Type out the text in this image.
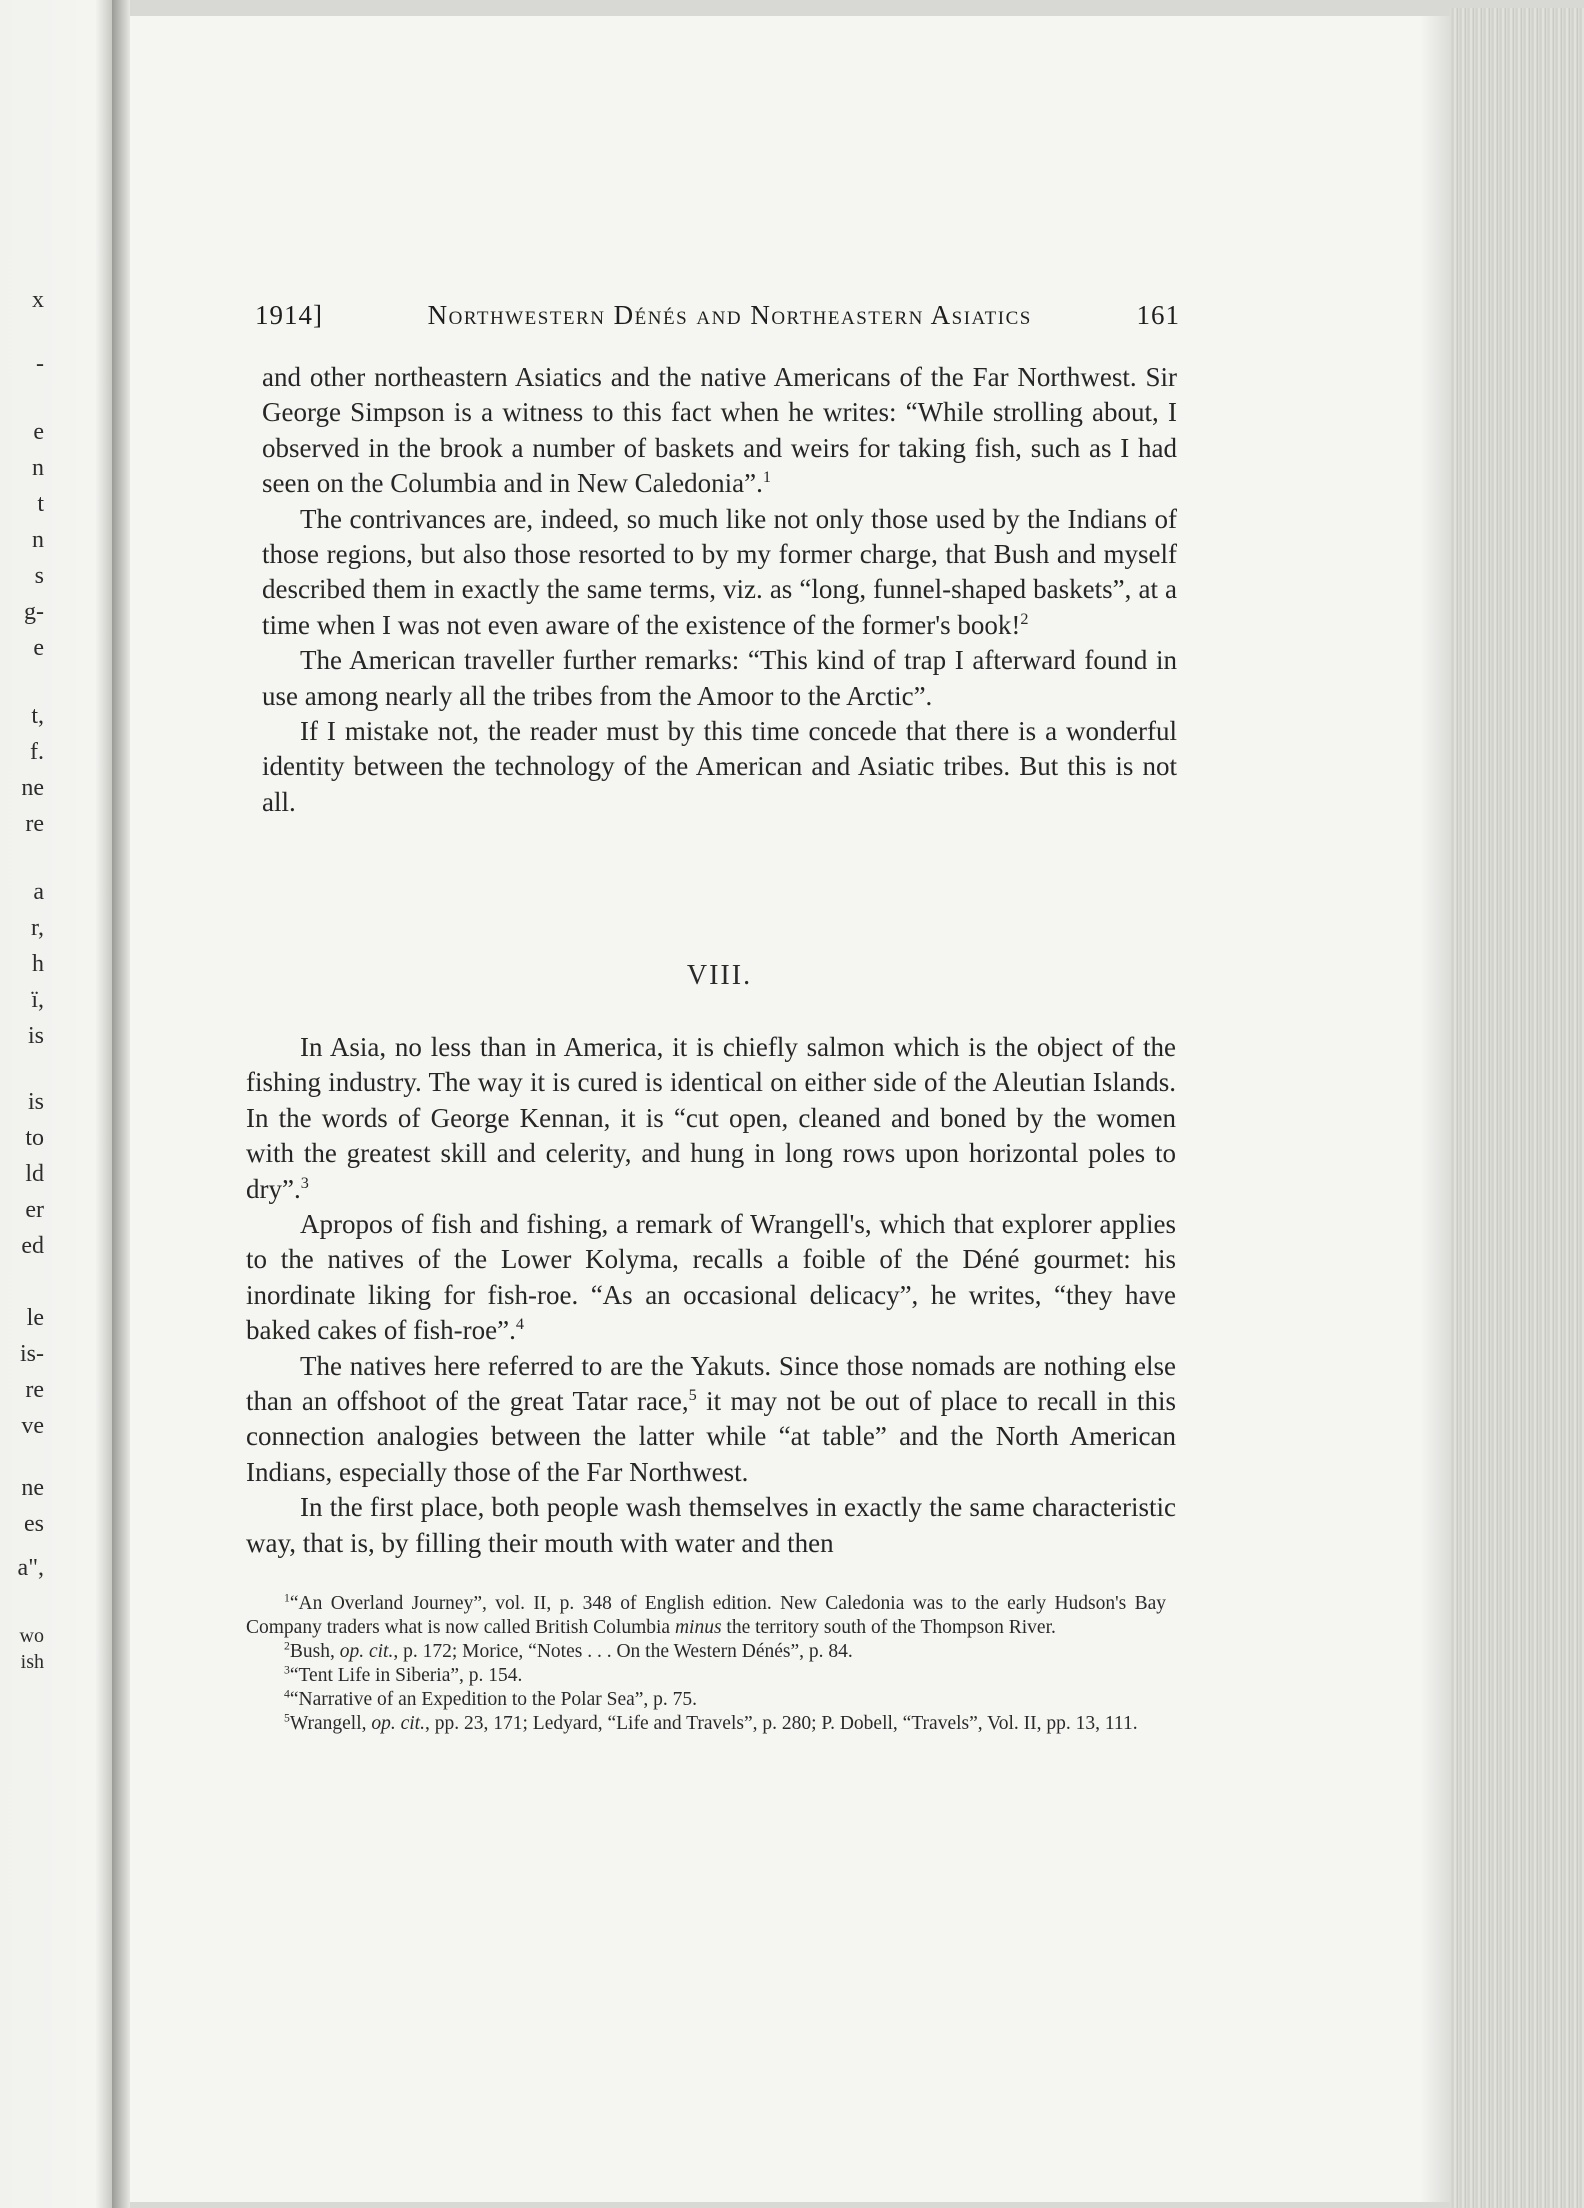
x
-
e
n
t
n
s
g-
e
t,
f.
ne
re
a
r,
h
ï,
is
is
to
ld
er
ed
le
is-
re
ve
ne
es
a",
wo
ish
1914]	Northwestern Dénés and Northeastern Asiatics	161

and other northeastern Asiatics and the native Americans of the Far Northwest. Sir George Simpson is a witness to this fact when he writes: “While strolling about, I observed in the brook a number of baskets and weirs for taking fish, such as I had seen on the Columbia and in New Caledonia”.$^1$

The contrivances are, indeed, so much like not only those used by the Indians of those regions, but also those resorted to by my former charge, that Bush and myself described them in exactly the same terms, viz. as “long, funnel-shaped baskets”, at a time when I was not even aware of the existence of the former's book!$^2$

The American traveller further remarks: “This kind of trap I afterward found in use among nearly all the tribes from the Amoor to the Arctic”.

If I mistake not, the reader must by this time concede that there is a wonderful identity between the technology of the American and Asiatic tribes. But this is not all.

VIII.

In Asia, no less than in America, it is chiefly salmon which is the object of the fishing industry. The way it is cured is identical on either side of the Aleutian Islands. In the words of George Kennan, it is “cut open, cleaned and boned by the women with the greatest skill and celerity, and hung in long rows upon horizontal poles to dry”.$^3$

Apropos of fish and fishing, a remark of Wrangell's, which that explorer applies to the natives of the Lower Kolyma, recalls a foible of the Déné gourmet: his inordinate liking for fish-roe. “As an occasional delicacy”, he writes, “they have baked cakes of fish-roe”.$^4$

The natives here referred to are the Yakuts. Since those nomads are nothing else than an offshoot of the great Tatar race,$^5$ it may not be out of place to recall in this connection analogies between the latter while “at table” and the North American Indians, especially those of the Far Northwest.

In the first place, both people wash themselves in exactly the same characteristic way, that is, by filling their mouth with water and then

$^1$“An Overland Journey”, vol. II, p. 348 of English edition. New Caledonia was to the early Hudson's Bay Company traders what is now called British Columbia minus the territory south of the Thompson River.

$^2$Bush, op. cit., p. 172; Morice, “Notes . . . On the Western Dénés”, p. 84.

$^3$“Tent Life in Siberia”, p. 154.

$^4$“Narrative of an Expedition to the Polar Sea”, p. 75.

$^5$Wrangell, op. cit., pp. 23, 171; Ledyard, “Life and Travels”, p. 280; P. Dobell, “Travels”, Vol. II, pp. 13, 111.
